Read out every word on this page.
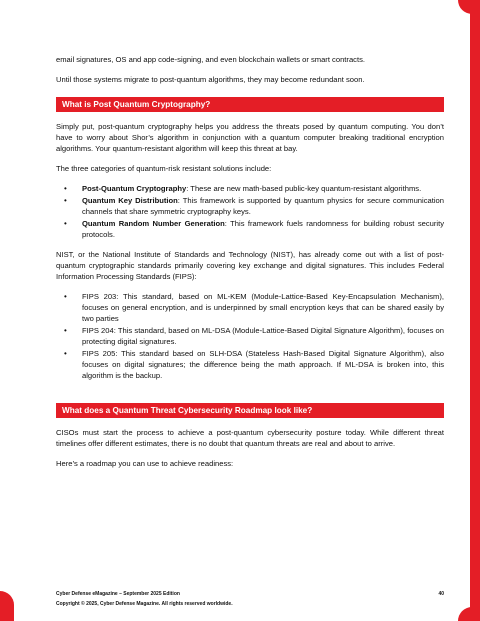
email signatures, OS and app code-signing, and even blockchain wallets or smart contracts.

Until those systems migrate to post-quantum algorithms, they may become redundant soon.

What is Post Quantum Cryptography?

Simply put, post-quantum cryptography helps you address the threats posed by quantum computing. You don’t have to worry about Shor’s algorithm in conjunction with a quantum computer breaking traditional encryption algorithms. Your quantum-resistant algorithm will keep this threat at bay.

The three categories of quantum-risk resistant solutions include:

• Post-Quantum Cryptography: These are new math-based public-key quantum-resistant algorithms.
• Quantum Key Distribution: This framework is supported by quantum physics for secure communication channels that share symmetric cryptography keys.
• Quantum Random Number Generation: This framework fuels randomness for building robust security protocols.

NIST, or the National Institute of Standards and Technology (NIST), has already come out with a list of post-quantum cryptographic standards primarily covering key exchange and digital signatures. This includes Federal Information Processing Standards (FIPS):

• FIPS 203: This standard, based on ML-KEM (Module-Lattice-Based Key-Encapsulation Mechanism), focuses on general encryption, and is underpinned by small encryption keys that can be shared easily by two parties
• FIPS 204: This standard, based on ML-DSA (Module-Lattice-Based Digital Signature Algorithm), focuses on protecting digital signatures.
• FIPS 205: This standard based on SLH-DSA (Stateless Hash-Based Digital Signature Algorithm), also focuses on digital signatures; the difference being the math approach. If ML-DSA is broken into, this algorithm is the backup.
What does a Quantum Threat Cybersecurity Roadmap look like?

CISOs must start the process to achieve a post-quantum cybersecurity posture today. While different threat timelines offer different estimates, there is no doubt that quantum threats are real and about to arrive.

Here’s a roadmap you can use to achieve readiness:

Cyber Defense eMagazine – September 2025 Edition	40
Copyright © 2025, Cyber Defense Magazine. All rights reserved worldwide.
